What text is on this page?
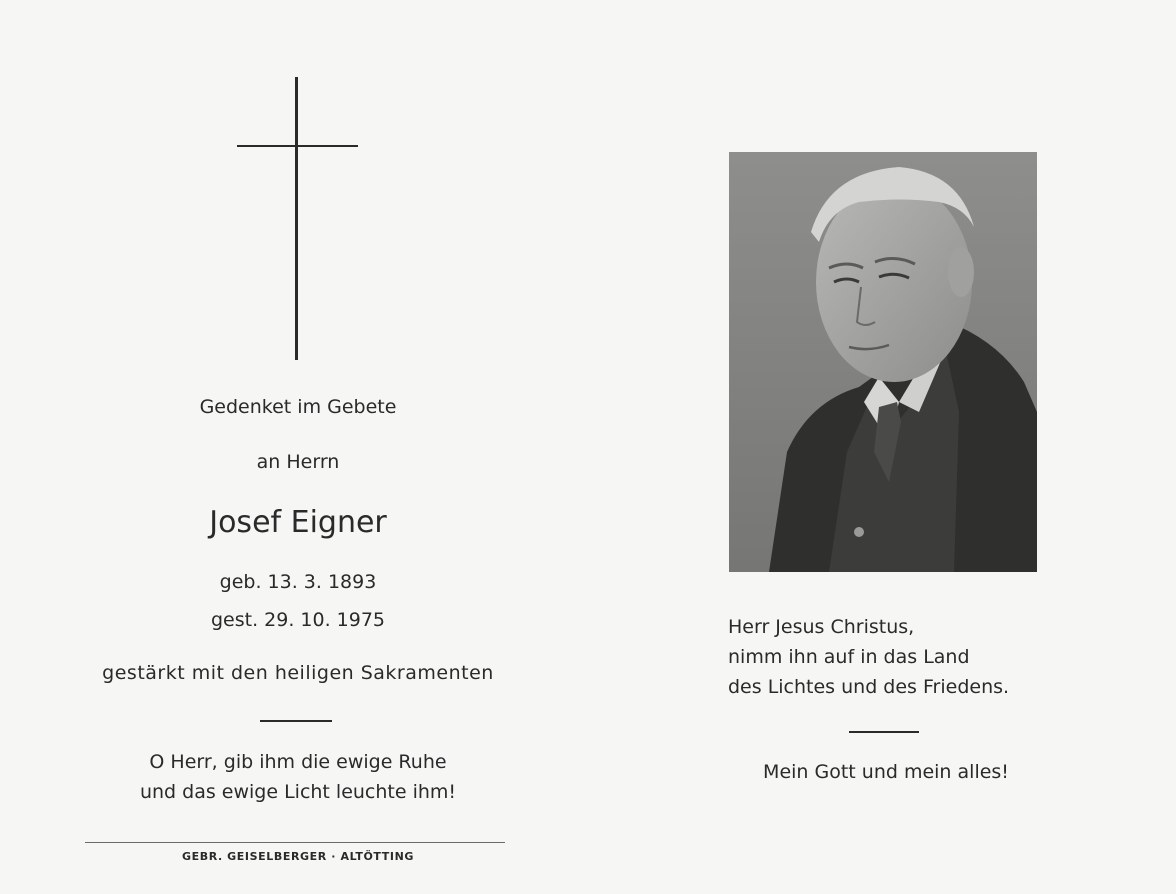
Gedenket im Gebete
an Herrn
Josef Eigner
geb. 13. 3. 1893
gest. 29. 10. 1975
gestärkt mit den heiligen Sakramenten
O Herr, gib ihm die ewige Ruhe
und das ewige Licht leuchte ihm!
GEBR. GEISELBERGER · ALTÖTTING
Herr Jesus Christus,
nimm ihn auf in das Land
des Lichtes und des Friedens.
Mein Gott und mein alles!
